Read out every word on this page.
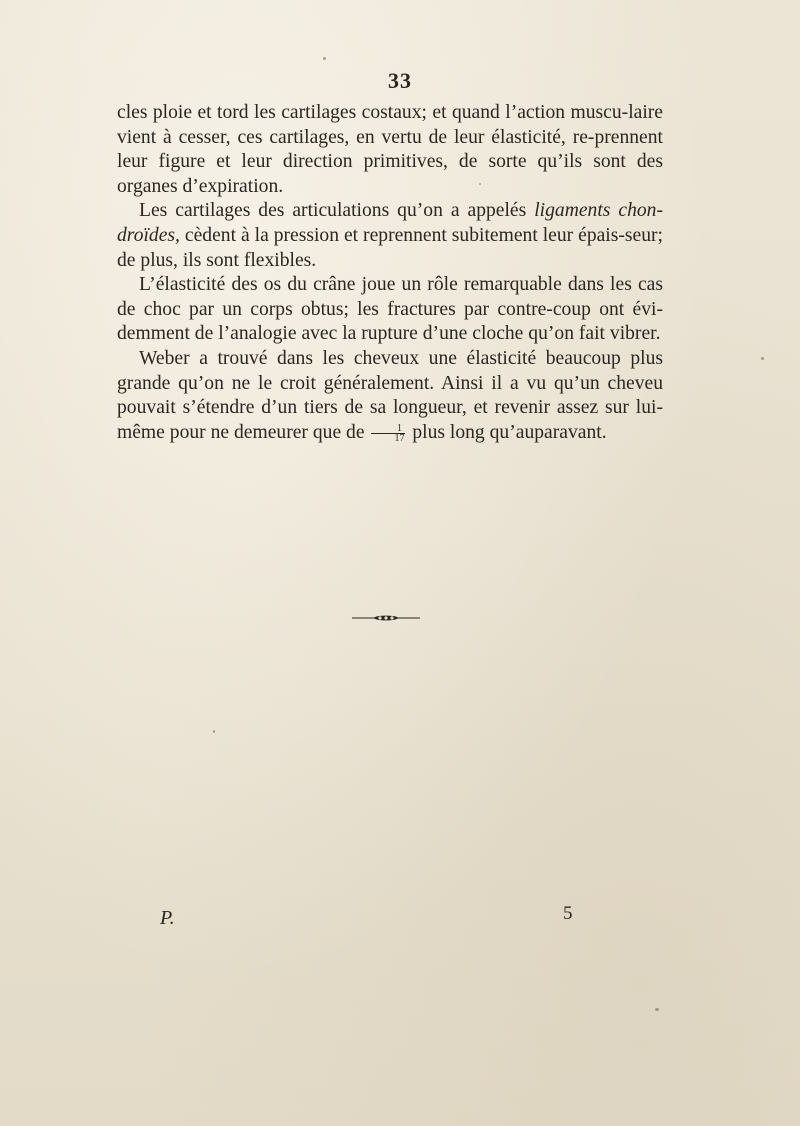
33

cles ploie et tord les cartilages costaux; et quand l’action muscu-laire vient à cesser, ces cartilages, en vertu de leur élasticité, re-prennent leur figure et leur direction primitives, de sorte qu’ils sont des organes d’expiration.

Les cartilages des articulations qu’on a appelés ligaments chon-droïdes, cèdent à la pression et reprennent subitement leur épais-seur; de plus, ils sont flexibles.

L’élasticité des os du crâne joue un rôle remarquable dans les cas de choc par un corps obtus; les fractures par contre-coup ont évi-demment de l’analogie avec la rupture d’une cloche qu’on fait vibrer.

Weber a trouvé dans les cheveux une élasticité beaucoup plus grande qu’on ne le croit généralement. Ainsi il a vu qu’un cheveu pouvait s’étendre d’un tiers de sa longueur, et revenir assez sur lui-même pour ne demeurer que de $\frac{1}{17}$ plus long qu’auparavant.

P.	5
